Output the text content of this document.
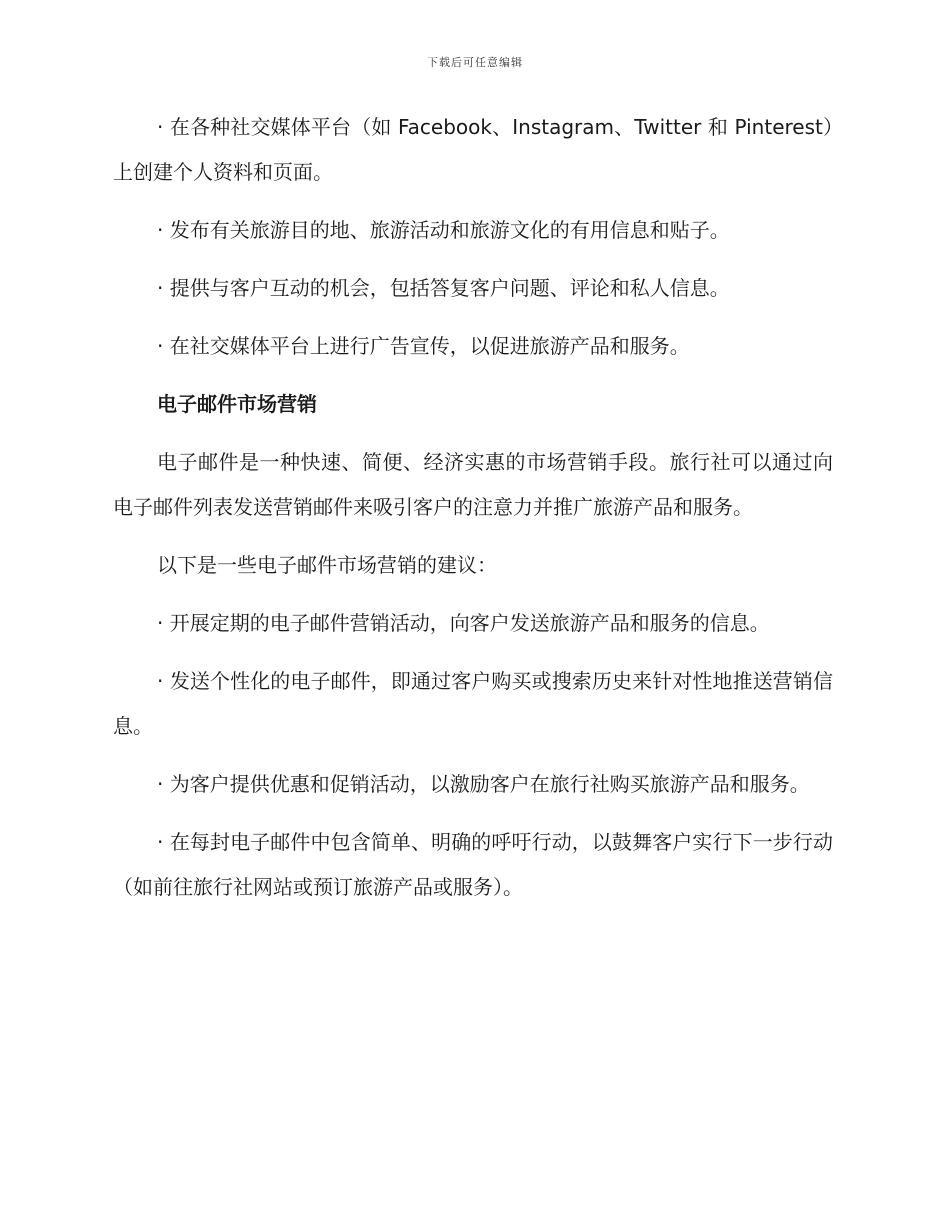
下载后可任意编辑

· 在各种社交媒体平台（如 Facebook、Instagram、Twitter 和 Pinterest）上创建个人资料和页面。

· 发布有关旅游目的地、旅游活动和旅游文化的有用信息和贴子。

· 提供与客户互动的机会，包括答复客户问题、评论和私人信息。

· 在社交媒体平台上进行广告宣传，以促进旅游产品和服务。

电子邮件市场营销

电子邮件是一种快速、简便、经济实惠的市场营销手段。旅行社可以通过向电子邮件列表发送营销邮件来吸引客户的注意力并推广旅游产品和服务。

以下是一些电子邮件市场营销的建议：

· 开展定期的电子邮件营销活动，向客户发送旅游产品和服务的信息。

· 发送个性化的电子邮件，即通过客户购买或搜索历史来针对性地推送营销信息。

· 为客户提供优惠和促销活动，以激励客户在旅行社购买旅游产品和服务。

· 在每封电子邮件中包含简单、明确的呼吁行动，以鼓舞客户实行下一步行动（如前往旅行社网站或预订旅游产品或服务）。
